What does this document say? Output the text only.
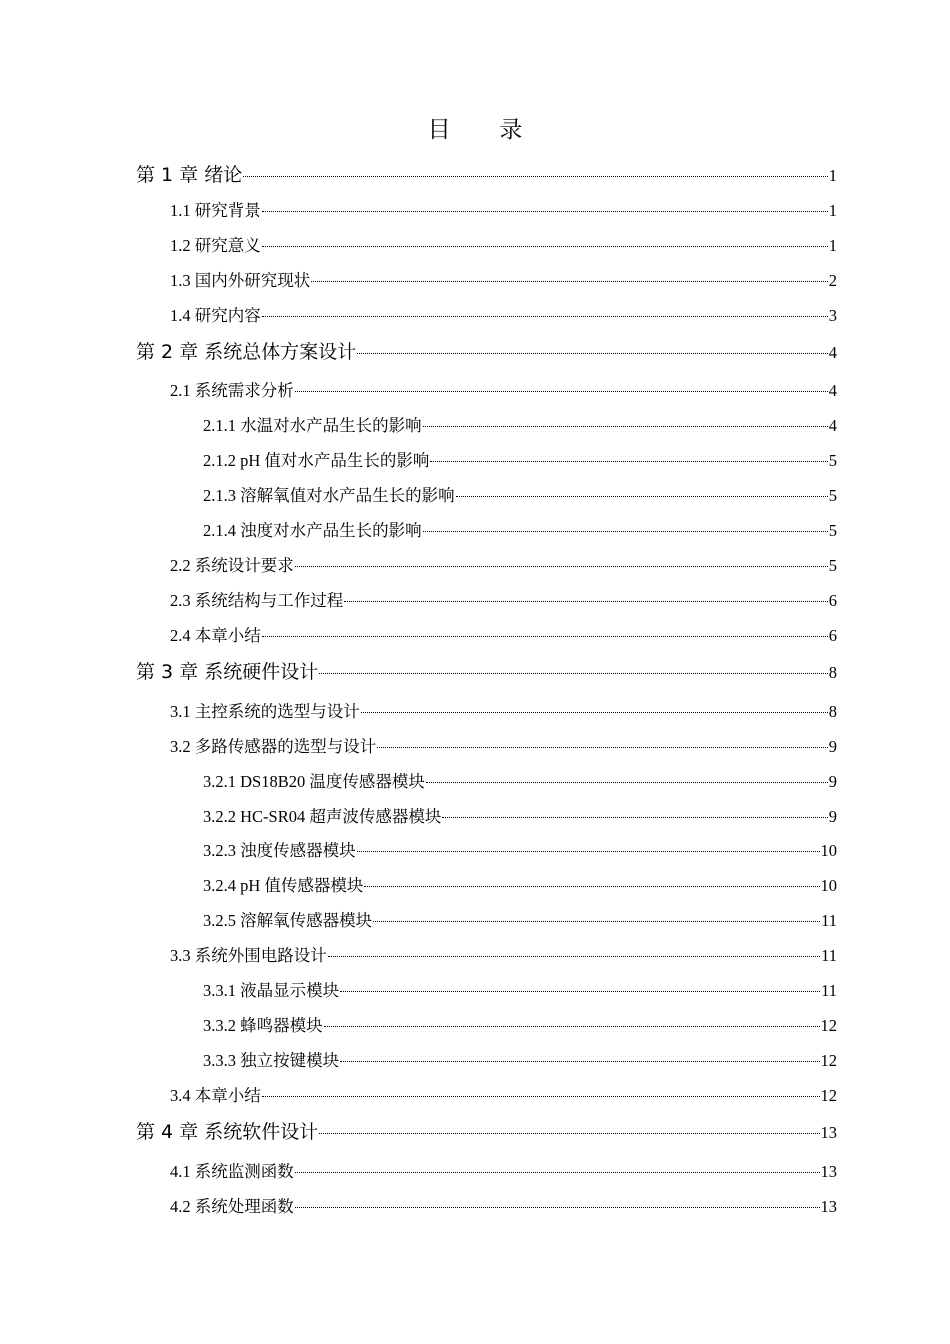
目 录
第 1 章 绪论	1
1.1 研究背景	1
1.2 研究意义	1
1.3 国内外研究现状	2
1.4 研究内容	3
第 2 章 系统总体方案设计	4
2.1 系统需求分析	4
2.1.1 水温对水产品生长的影响	4
2.1.2 pH 值对水产品生长的影响	5
2.1.3 溶解氧值对水产品生长的影响	5
2.1.4 浊度对水产品生长的影响	5
2.2 系统设计要求	5
2.3 系统结构与工作过程	6
2.4 本章小结	6
第 3 章 系统硬件设计	8
3.1 主控系统的选型与设计	8
3.2 多路传感器的选型与设计	9
3.2.1 DS18B20 温度传感器模块	9
3.2.2 HC-SR04 超声波传感器模块	9
3.2.3 浊度传感器模块	10
3.2.4 pH 值传感器模块	10
3.2.5 溶解氧传感器模块	11
3.3 系统外围电路设计	11
3.3.1 液晶显示模块	11
3.3.2 蜂鸣器模块	12
3.3.3 独立按键模块	12
3.4 本章小结	12
第 4 章 系统软件设计	13
4.1 系统监测函数	13
4.2 系统处理函数	13
